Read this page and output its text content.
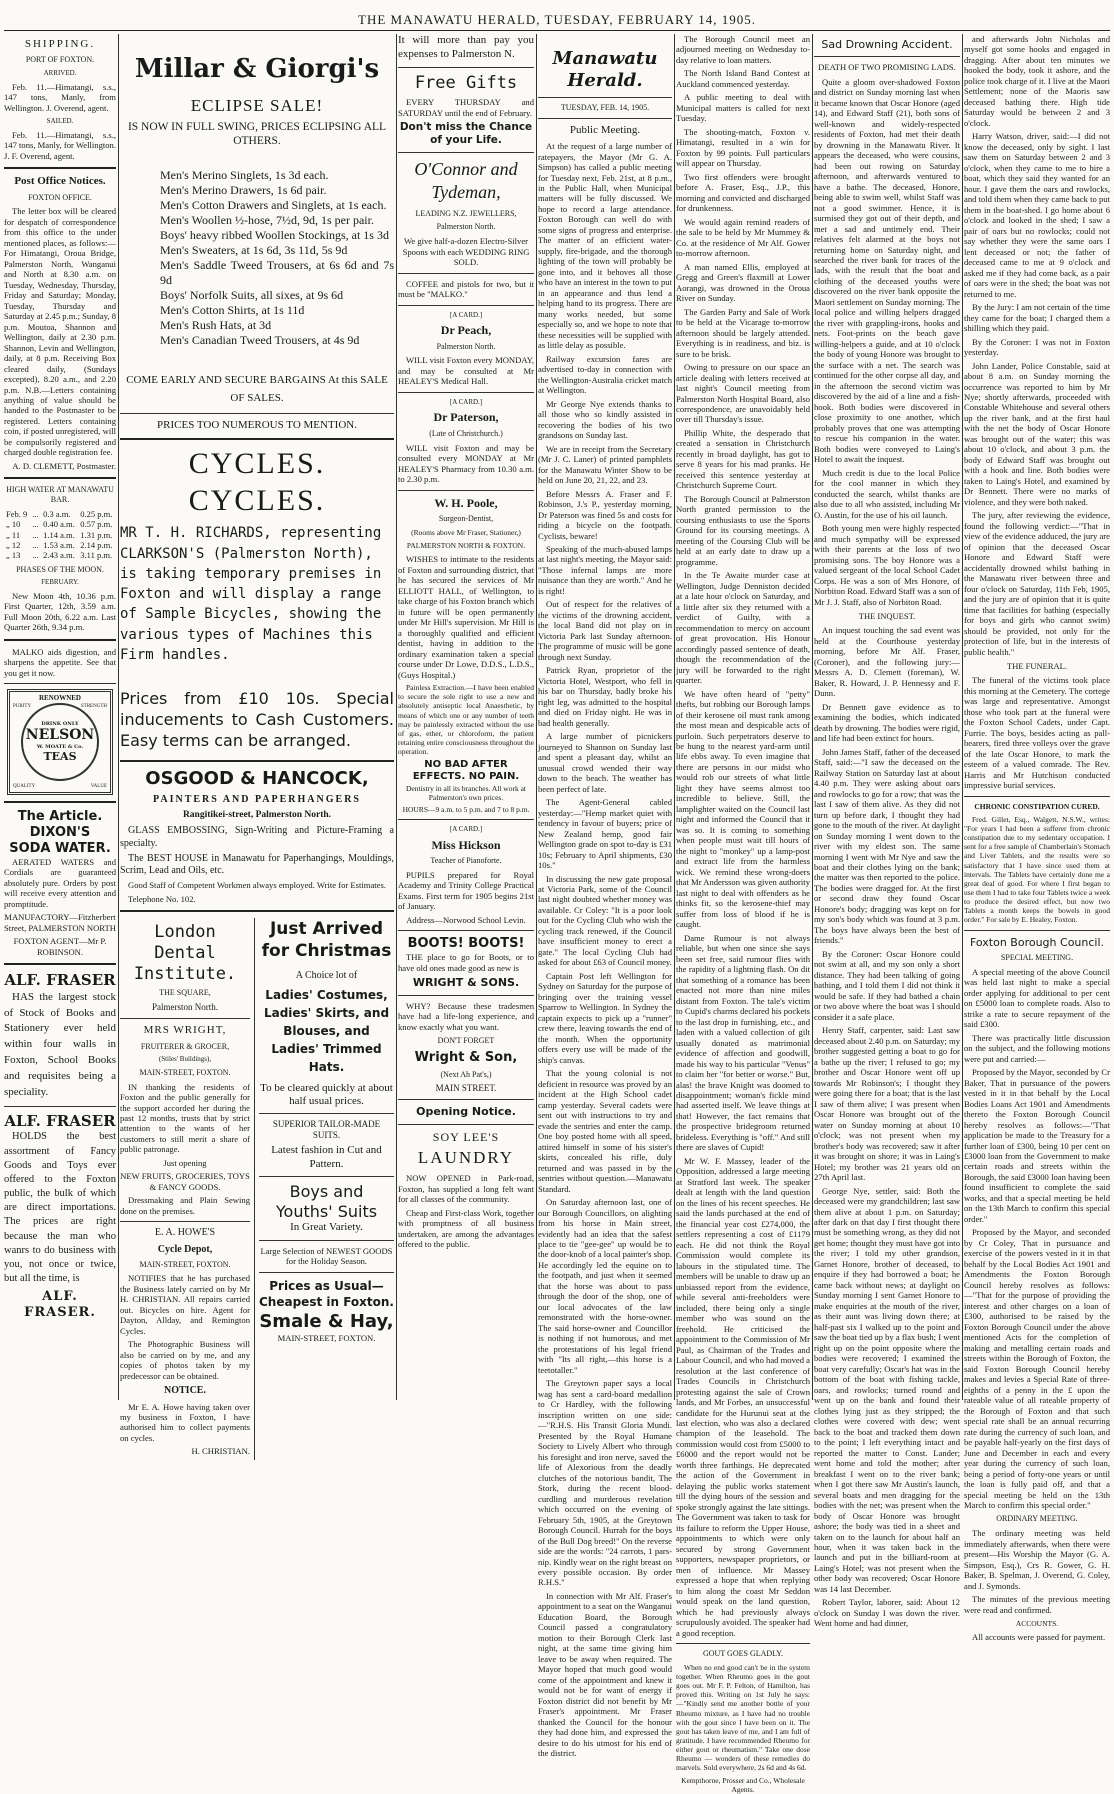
THE MANAWATU HERALD, TUESDAY, FEBRUARY 14, 1905.
SHIPPING.
PORT OF FOXTON.
ARRIVED.

Feb. 11.—Himatangi, s.s., 147 tons, Manly, from Wellington. J. Overend, agent.

SAILED.

Feb. 11.—Himatangi, s.s., 147 tons, Manly, for Wellington. J. F. Overend, agent.

Post Office Notices.
FOXTON OFFICE.

The letter box will be cleared for despatch of correspondence from this office to the under mentioned places, as follows:— For Himatangi, Oroua Bridge, Palmerston North, Wanganui and North at 8.30 a.m. on Tuesday, Wednesday, Thursday, Friday and Saturday; Monday, Tuesday, Thursday and Saturday at 2.45 p.m.; Sunday, 8 p.m. Moutoa, Shannon and Wellington, daily at 2.30 p.m. Shannon, Levin and Wellington, daily, at 8 p.m. Receiving Box cleared daily, (Sundays excepted), 8.20 a.m., and 2.20 p.m. N.B.—Letters containing anything of value should be handed to the Postmaster to be registered. Letters containing coin, if posted unregistered, will be compulsorily registered and charged double registration fee.

A. D. CLEMETT, Postmaster.

HIGH WATER AT MANAWATU BAR.
Feb. 9	...	0.3 a.m.	0.25 p.m.
„ 10	...	0.40 a.m.	0.57 p.m.
„ 11	...	1.14 a.m.	1.31 p.m.
„ 12	...	1.53 a.m.	2.14 p.m.
„ 13	...	2.43 a.m.	3.11 p.m.
PHASES OF THE MOON.
FEBRUARY.

New Moon 4th, 10.36 p.m. First Quarter, 12th, 3.59 a.m. Full Moon 20th, 6.22 a.m. Last Quarter 26th, 9.34 p.m.

MALKO aids digestion, and sharpens the appetite. See that you get it now.

RENOWNED
PURITY	STRENGTH
DRINK ONLY
NELSON
W. MOATE & Co.
TEAS
QUALITY	VALUE
The Article.
DIXON'S
SODA WATER.

AERATED WATERS and Cordials are guaranteed absolutely pure. Orders by post will receive every attention and promptitude.

MANUFACTORY—Fitzherbert Street, PALMERSTON NORTH

FOXTON AGENT—Mr P. ROBINSON.

ALF. FRASER

HAS the largest stock of Stock of Books and Stationery ever held within four walls in Foxton, School Books and requisites being a speciality.

ALF. FRASER

HOLDS the best assortment of Fancy Goods and Toys ever offered to the Foxton public, the bulk of which are direct importations. The prices are right because the man who wanrs to do business with you, not once or twice, but all the time, is

ALF. FRASER.
Millar & Giorgi's
ECLIPSE SALE!
IS NOW IN FULL SWING, PRICES ECLIPSING ALL OTHERS.

Men's Merino Singlets, 1s 3d each.

Men's Merino Drawers, 1s 6d pair.

Men's Cotton Drawers and Singlets, at 1s each.

Men's Woollen ½-hose, 7½d, 9d, 1s per pair.

Boys' heavy ribbed Woollen Stockings, at 1s 3d

Men's Sweaters, at 1s 6d, 3s 11d, 5s 9d

Men's Saddle Tweed Trousers, at 6s 6d and 7s 9d

Boys' Norfolk Suits, all sixes, at 9s 6d

Men's Cotton Shirts, at 1s 11d

Men's Rush Hats, at 3d

Men's Canadian Tweed Trousers, at 4s 9d

COME EARLY AND SECURE BARGAINS At this SALE OF SALES.
PRICES TOO NUMEROUS TO MENTION.
CYCLES. CYCLES.
MR T. H. RICHARDS, representing CLARKSON'S (Palmerston North), is taking temporary premises in Foxton and will display a range of Sample Bicycles, showing the various types of Machines this Firm handles.
Prices from £10 10s. Special inducements to Cash Customers. Easy terms can be arranged.
OSGOOD & HANCOCK,
PAINTERS AND PAPERHANGERS
Rangitikei-street, Palmerston North.

GLASS EMBOSSING, Sign-Writing and Picture-Framing a specialty.

The BEST HOUSE in Manawatu for Paperhangings, Mouldings, Scrim, Lead and Oils, etc.

Good Staff of Competent Workmen always employed. Write for Estimates.

Telephone No. 102.

London Dental Institute.
THE SQUARE,
Palmerston North.
MRS WRIGHT,
FRUITERER & GROCER,
(Stiles' Buildings),
MAIN-STREET, FOXTON.

IN thanking the residents of Foxton and the public generally for the support accorded her during the past 12 months, trusts that by strict attention to the wants of her customers to still merit a share of public patronage.

Just opening

NEW FRUITS, GROCERIES, TOYS & FANCY GOODS.

Dressmaking and Plain Sewing done on the premises.

E. A. HOWE'S
Cycle Depot,
MAIN-STREET, FOXTON.

NOTIFIES that he has purchased the Business lately carried on by Mr H. CHRISTIAN. All repairs carried out. Bicycles on hire. Agent for Dayton, Allday, and Remington Cycles.

The Photographic Business will also be carried on by me, and any copies of photos taken by my predecessor can be obtained.

NOTICE.

Mr E. A. Howe having taken over my business in Foxton, I have authorised him to collect payments on cycles.

H. CHRISTIAN.

Just Arrived for Christmas

A Choice lot of

Ladies' Costumes, Ladies' Skirts, and Blouses, and Ladies' Trimmed Hats.

To be cleared quickly at about half usual prices.

SUPERIOR TAILOR-MADE SUITS.

Latest fashion in Cut and Pattern.

Boys and Youths' Suits

In Great Variety.

Large Selection of NEWEST GOODS for the Holiday Season.

Prices as Usual— Cheapest in Foxton.
Smale & Hay,

MAIN-STREET, FOXTON.

It will more than pay you expenses to Palmerston N.
Free Gifts

EVERY THURSDAY and SATURDAY until the end of February.

Don't miss the Chance of your Life.
O'Connor and Tydeman,
LEADING N.Z. JEWELLERS,
Palmerston North.

We give half-a-dozen Electro-Silver Spoons with each WEDDING RING SOLD.

COFFEE and pistols for two, but it must be "MALKO."

[A CARD.]
Dr Peach,
Palmerston North.

WILL visit Foxton every MONDAY, and may be consulted at Mr HEALEY'S Medical Hall.

[A CARD.]
Dr Paterson,
(Late of Christchurch.)

WILL visit Foxton and may be consulted every MONDAY at Mr HEALEY'S Pharmacy from 10.30 a.m. to 2.30 p.m.

W. H. Poole,
Surgeon-Dentist,
(Rooms above Mr Fraser, Stationer,)
PALMERSTON NORTH & FOXTON.

WISHES to intimate to the residents of Foxton and surrounding district, that he has secured the services of Mr ELLIOTT HALL, of Wellington, to take charge of his Foxton branch which in future will be open permanently under Mr Hill's supervision. Mr Hill is a thoroughly qualified and efficient dentist, having in addition to the ordinary examination taken a special course under Dr Lowe, D.D.S., L.D.S., (Guys Hospital.)

Painless Extraction.—I have been enabled to secure the sole right to use a new and absolutely antiseptic local Anaesthetic, by means of which one or any number of teeth may be painlessly extracted without the use of gas, ether, or chloroform, the patient retaining entire consciousness throughout the operation.

NO BAD AFTER EFFECTS. NO PAIN.

Dentistry in all its branches. All work at Palmerston's own prices.

HOURS—9 a.m. to 5 p.m. and 7 to 8 p.m.

[A CARD.]
Miss Hickson
Teacher of Pianoforte.

PUPILS prepared for Royal Academy and Trinity College Practical Exams. First term for 1905 begins 21st of January.

Address—Norwood School Levin.

BOOTS! BOOTS!

THE place to go for Boots, or to have old ones made good as new is

WRIGHT & SONS.

WHY? Because these tradesmen have had a life-long experience, and know exactly what you want.

DON'T FORGET
Wright & Son,
(Next Ah Pat's,)
MAIN STREET.
Opening Notice.
SOY LEE'S
LAUNDRY

NOW OPENED in Park-road, Foxton, has supplied a long felt want for all classes of the community.

Cheap and First-class Work, together with promptness of all business undertaken, are among the advantages offered to the public.

Manawatu Herald.
TUESDAY, FEB. 14, 1905.
Public Meeting.

At the request of a large number of ratepayers, the Mayor (Mr G. A. Simpson) has called a public meeting for Tuesday next, Feb. 21st, at 8 p.m., in the Public Hall, when Municipal matters will be fully discussed. We hope to record a large attendance. Foxton Borough can well do with some signs of progress and enterprise. The matter of an efficient water-supply, fire-brigade, and the thorough lighting of the town will probably be gone into, and it behoves all those who have an interest in the town to put in an appearance and thus lend a helping hand to its progress. There are many works needed, but some especially so, and we hope to note that these necessities will be supplied with as little delay as possible.

Railway excursion fares are advertised to-day in connection with the Wellington-Australia cricket match at Wellington.

Mr George Nye extends thanks to all those who so kindly assisted in recovering the bodies of his two grandsons on Sunday last.

We are in receipt from the Secretary (Mr J. C. Laner) of printed pamphlets for the Manawatu Winter Show to be held on June 20, 21, 22, and 23.

Before Messrs A. Fraser and F. Robinson, J.'s P., yesterday morning, Dr Paterson was fined 5s and costs for riding a bicycle on the footpath. Cyclists, beware!

Speaking of the much-abused lamps at last night's meeting, the Mayor said: "Those infernal lamps are more nuisance than they are worth." And he is right!

Out of respect for the relatives of the victims of the drowning accident, the local Band did not play on in Victoria Park last Sunday afternoon. The programme of music will be gone through next Sunday.

Patrick Ryan, proprietor of the Victoria Hotel, Westport, who fell in his bar on Thursday, badly broke his right leg, was admitted to the hospital and died on Friday night. He was in bad health generally.

A large number of picnickers journeyed to Shannon on Sunday last and spent a pleasant day, whilst an unusual crowd wended their way down to the beach. The weather has been perfect of late.

The Agent-General cabled yesterday:—"Hemp market quiet with tendency in favour of buyers; price of New Zealand hemp, good fair Wellington grade on spot to-day is £31 10s; February to April shipments, £30 10s."

In discussing the new gate proposal at Victoria Park, some of the Council last night doubted whether money was available. Cr Coley: "It is a poor look out for the Cycling Club who wish the cycling track renewed, if the Council have insufficient money to erect a gate." The local Cycling Club had asked for about £63 of Council money.

Captain Post left Wellington for Sydney on Saturday for the purpose of bringing over the training vessel Sparrow to Wellington. In Sydney the captain expects to pick up a "runner" crew there, leaving towards the end of the month. When the opportunity offers every use will be made of the ship's canvas.

That the young colonial is not deficient in resource was proved by an incident at the High School cadet camp yesterday. Several cadets were sent out with instructions to try and evade the sentries and enter the camp. One boy posted home with all speed, attired himself in some of his sister's skirts, concealed his rifle, duly returned and was passed in by the sentries without question.—Manawatu Standard.

On Saturday afternoon last, one of our Borough Councillors, on alighting from his horse in Main street, evidently had an idea that the safest place to tie "gee-gee" up would be to the door-knob of a local painter's shop. He accordingly led the equine on to the footpath, and just when it seemed that the horse was about to pass through the door of the shop, one of our local advocates of the law remonstrated with the horse-owner. The said horse-owner and Councillor is nothing if not humorous, and met the protestations of his legal friend with "Its all right,—this horse is a teetotaller."

The Greytown paper says a local wag has sent a card-board medallion to Cr Hardley, with the following inscription written on one side:—"R.H.S. His Transit Gloria Mundi. Presented by the Royal Humane Society to Lively Albert who through his foresight and iron nerve, saved the life of Alexorious from the deadly clutches of the notorious bandit, The Stork, during the recent blood-curdling and murderous revelation which occurred on the evening of February 5th, 1905, at the Greytown Borough Council. Hurrah for the boys of the Bull Dog breed!" On the reverse side are the words: "24 carrots, 1 pars-nip. Kindly wear on the right breast on every possible occasion. By order R.H.S."

In connection with Mr Alf. Fraser's appointment to a seat on the Wanganui Education Board, the Borough Council passed a congratulatory motion to their Borough Clerk last night, at the same time giving him leave to be away when required. The Mayor hoped that much good would come of the appointment and knew it would not be for want of energy if Foxton district did not benefit by Mr Fraser's appointment. Mr Fraser thanked the Council for the honour they had done him, and expressed the desire to do his utmost for his end of the district.

The Borough Council meet an adjourned meeting on Wednesday to-day relative to loan matters.

The North Island Band Contest at Auckland commenced yesterday.

A public meeting to deal with Municipal matters is called for next Tuesday.

The shooting-match, Foxton v. Himatangi, resulted in a win for Foxton by 99 points. Full particulars will appear on Thursday.

Two first offenders were brought before A. Fraser, Esq., J.P., this morning and convicted and discharged for drunkenness.

We would again remind readers of the sale to be held by Mr Mummey & Co. at the residence of Mr Alf. Gower to-morrow afternoon.

A man named Ellis, employed at Gregg and Green's flaxmill at Lower Aorangi, was drowned in the Oroua River on Sunday.

The Garden Party and Sale of Work to be held at the Vicarage to-morrow afternoon should be largely attended. Everything is in readiness, and biz. is sure to be brisk.

Owing to pressure on our space an article dealing with letters received at last night's Council meeting from Palmerston North Hospital Board, also correspondence, are unavoidably held over till Thursday's issue.

Phillip White, the desperado that created a sensation in Christchurch recently in broad daylight, has got to serve 8 years for his mad pranks. He received this sentence yesterday at Christchurch Supreme Court.

The Borough Council at Palmerston North granted permission to the coursing enthusiasts to use the Sports Ground for its coursing meetings. A meeting of the Coursing Club will be held at an early date to draw up a programme.

In the Te Awaite murder case at Wellington, Judge Denniston decided at a late hour o'clock on Saturday, and a little after six they returned with a verdict of Guilty, with a recommendation to mercy on account of great provocation. His Honour accordingly passed sentence of death, though the recommendation of the jury will be forwarded to the right quarter.

We have often heard of "petty" thefts, but robbing our Borough lamps of their kerosene oil must rank among the most mean and despicable acts of purloin. Such perpetrators deserve to be hung to the nearest yard-arm until life ebbs away. To even imagine that there are persons in our midst who would rob our streets of what little light they have seems almost too incredible to believe. Still, the lamplighter waited on the Council last night and informed the Council that it was so. It is coming to something when people must wait till hours of the night to "monkey" up a lamp-post and extract life from the harmless wick. We remind these wrong-doers that Mr Andersson was given authority last night to deal with offenders as he thinks fit, so the kerosene-thief may suffer from loss of blood if he is caught.

Dame Rumour is not always reliable, but when one since she says been set free, said rumour flies with the rapidity of a lightning flash. On dit that something of a romance has been enacted not more than nine miles distant from Foxton. The tale's victim to Cupid's charms declared his pockets to the last drop in furnishing, etc., and laden with a valued collection of gilt usually donated as matrimonial evidence of affection and goodwill, made his way to his particular "Venus" to claim her "for better or worse." But, alas! the brave Knight was doomed to disappointment; woman's fickle mind had asserted itself. We leave things at that! However, the fact remains that the prospective bridegroom returned brideless. Everything is "off." And still there are slaves of Cupid!

Mr W. F. Massey, leader of the Opposition, addressed a large meeting at Stratford last week. The speaker dealt at length with the land question on the lines of his recent speeches. He said the lands purchased at the end of the financial year cost £274,000, the settlers representing a cost of £1179 each. He did not think the Royal Commission would complete its labours in the stipulated time. The members will be unable to draw up an unbiassed report from the evidence, while several anti-freeholders were included, there being only a single member who was sound on the freehold. He criticised the appointment to the Commission of Mr Paul, as Chairman of the Trades and Labour Council, and who had moved a resolution at the last conference of Trades Councils in Christchurch protesting against the sale of Crown lands, and Mr Forbes, an unsuccessful candidate for the Hurunui seat at the last election, who was also a declared champion of the leasehold. The commission would cost from £5000 to £6000 and the report would not be worth three farthings. He deprecated the action of the Government in delaying the public works statement till the dying hours of the session and spoke strongly against the late sittings. The Government was taken to task for its failure to reform the Upper House, appointments to which were only secured by strong Government supporters, newspaper proprietors, or men of influence. Mr Massey expressed a hope that when replying to him along the coast Mr Seddon would speak on the land question, which he had previously always scrupulously avoided. The speaker had a good reception.

GOUT GOES GLADLY.

When no end good can't be in the system together. When Rheumo goes in the gout goes out. Mr F. P. Felton, of Hamilton, has proved this. Writing on 1st July he says:—"Kindly send me another bottle of your Rheumo mixture, as I have had no trouble with the gout since I have been on it. The gout has taken leave of me, and I am full of gratitude. I have recommended Rheumo for either gout or rheumatism." Take one dose Rheumo — wonders of these remedies do marvels. Sold everywhere, 2s 6d and 4s 6d.

Kempthorne, Prosser and Co., Wholesale Agents.

Sad Drowning Accident.
DEATH OF TWO PROMISING LADS.

Quite a gloom over-shadowed Foxton and district on Sunday morning last when it became known that Oscar Honore (aged 14), and Edward Staff (21), both sons of well-known and widely-respected residents of Foxton, had met their death by drowning in the Manawatu River. It appears the deceased, who were cousins, had been out rowing on Saturday afternoon, and afterwards ventured to have a bathe. The deceased, Honore, being able to swim well, whilst Staff was not a good swimmer. Hence, it is surmised they got out of their depth, and met a sad and untimely end. Their relatives felt alarmed at the boys not returning home on Saturday night, and searched the river bank for traces of the lads, with the result that the boat and clothing of the deceased youths were discovered on the river bank opposite the Maori settlement on Sunday morning. The local police and willing helpers dragged the river with grappling-irons, hooks and nets. Foot-prints on the beach gave willing-helpers a guide, and at 10 o'clock the body of young Honore was brought to the surface with a net. The search was continued for the other corpse all day, and in the afternoon the second victim was discovered by the aid of a line and a fish-hook. Both bodies were discovered in close proximity to one another, which probably proves that one was attempting to rescue his companion in the water. Both bodies were conveyed to Laing's Hotel to await the inquest.

Much credit is due to the local Police for the cool manner in which they conducted the search, whilst thanks are also due to all who assisted, including Mr O. Austin, for the use of his oil launch.

Both young men were highly respected and much sympathy will be expressed with their parents at the loss of two promising sons. The boy Honore was a valued sergeant of the local School Cadet Corps. He was a son of Mrs Honore, of Norbiton Road. Edward Staff was a son of Mr J. J. Staff, also of Norbiton Road.

THE INQUEST.

An inquest touching the sad event was held at the Courthouse yesterday morning, before Mr Alf. Fraser, (Coroner), and the following jury:—Messrs A. D. Clemett (foreman), W. Baker, R. Howard, J. P. Hennessy and F. Dunn.

Dr Bennett gave evidence as to examining the bodies, which indicated death by drowning. The bodies were rigid, and life had been extinct for hours.

John James Staff, father of the deceased Staff, said:—"I saw the deceased on the Railway Station on Saturday last at about 4.40 p.m. They were asking about oars and rowlocks to go for a row; that was the last I saw of them alive. As they did not turn up before dark, I thought they had gone to the mouth of the river. At daylight on Sunday morning I went down to the river with my eldest son. The same morning I went with Mr Nye and saw the boat and their clothes lying on the bank; the matter was then reported to the police. The bodies were dragged for. At the first or second draw they found Oscar Honore's body; dragging was kept on for my son's body which was found at 3 p.m. The boys have always been the best of friends."

By the Coroner: Oscar Honore could not swim at all, and my son only a short distance. They had been talking of going bathing, and I told them I did not think it would be safe. If they had bathed a chain or two above where the boat was I should consider it a safe place.

Henry Staff, carpenter, said: Last saw deceased about 2.40 p.m. on Saturday; my brother suggested getting a boat to go for a bathe up the river; I refused to go; my brother and Oscar Honore went off up towards Mr Robinson's; I thought they were going there for a boat; that is the last I saw of them alive; I was present when Oscar Honore was brought out of the water on Sunday morning at about 10 o'clock; was not present when my brother's body was recovered; saw it after it was brought on shore; it was in Laing's Hotel; my brother was 21 years old on 27th April last.

George Nye, settler, said: Both the deceased were my grandchildren; last saw them alive at about 1 p.m. on Saturday; after dark on that day I first thought there must be something wrong, as they did not get home; thought they must have got into the river; I told my other grandson, Garnet Honore, brother of deceased, to enquire if they had borrowed a boat; he came back without news; at daylight on Sunday morning I sent Garnet Honore to make enquiries at the mouth of the river, as their aunt was living down there; at half-past six I walked up to the point and saw the boat tied up by a flax bush; I went right up on the point opposite where the bodies were recovered; I examined the boat very carefully; Oscar's hat was in the bottom of the boat with fishing tackle, oars, and rowlocks; turned round and went up on the bank and found their clothes lying just as they stripped; the clothes were covered with dew; went back to the boat and tracked them down to the point; I left everything intact and reported the matter to Const. Lander; went home and told the mother; after breakfast I went on to the river bank; when I got there saw Mr Austin's launch, several boats and men dragging for the bodies with the net; was present when the body of Oscar Honore was brought ashore; the body was tied in a sheet and taken on to the launch for about half an hour, when it was taken back in the launch and put in the billiard-room at Laing's Hotel; was not present when the other body was recovered; Oscar Honore was 14 last December.

Robert Taylor, laborer, said: About 12 o'clock on Sunday I was down the river. Went home and had dinner,

and afterwards John Nicholas and myself got some hooks and engaged in dragging. After about ten minutes we hooked the body, took it ashore, and the police took charge of it. I live at the Maori Settlement; none of the Maoris saw deceased bathing there. High tide Saturday would be between 2 and 3 o'clock.

Harry Watson, driver, said:—I did not know the deceased, only by sight. I last saw them on Saturday between 2 and 3 o'clock, when they came to me to hire a boat, which they said they wanted for an hour. I gave them the oars and rowlocks, and told them when they came back to put them in the boat-shed. I go home about 6 o'clock and looked in the shed; I saw a pair of oars but no rowlocks; could not say whether they were the same oars I lent deceased or not; the father of deceased came to me at 9 o'clock and asked me if they had come back, as a pair of oars were in the shed; the boat was not returned to me.

By the Jury: I am not certain of the time they came for the boat; I charged them a shilling which they paid.

By the Coroner: I was not in Foxton yesterday.

John Lander, Police Constable, said at about 8 a.m. on Sunday morning the occurrence was reported to him by Mr Nye; shortly afterwards, proceeded with Constable Whitehouse and several others up the river bank, and at the first haul with the net the body of Oscar Honore was brought out of the water; this was about 10 o'clock, and about 3 p.m. the body of Edward Staff was brought out with a hook and line. Both bodies were taken to Laing's Hotel, and examined by Dr Bennett. There were no marks of violence, and they were both naked.

The jury, after reviewing the evidence, found the following verdict:—"That in view of the evidence adduced, the jury are of opinion that the deceased Oscar Honore and Edward Staff were accidentally drowned whilst bathing in the Manawatu river between three and four o'clock on Saturday, 11th Feb, 1905, and the jury are of opinion that it is quite time that facilities for bathing (especially for boys and girls who cannot swim) should be provided, not only for the protection of life, but in the interests of public health."

THE FUNERAL.

The funeral of the victims took place this morning at the Cemetery. The cortege was large and representative. Amongst those who took part at the funeral were the Foxton School Cadets, under Capt. Furrie. The boys, besides acting as pall-bearers, fired three volleys over the grave of the late Oscar Honore, to mark the esteem of a valued comrade. The Rev. Harris and Mr Hutchison conducted impressive burial services.

CHRONIC CONSTIPATION CURED.

Fred. Gillet, Esq., Walgett, N.S.W., writes: "For years I had been a sufferer from chronic constipation due to my sedentary occupation. I sent for a free sample of Chamberlain's Stomach and Liver Tablets, and the results were so satisfactory that I have since used them at intervals. The Tablets have certainly done me a great deal of good. For where I first began to use them I had to take four Tablets twice a week to produce the desired effect, but now two Tablets a month keeps the bowels in good order." For sale by E. Healey, Foxton.

Foxton Borough Council.
SPECIAL MEETING.

A special meeting of the above Council was held last night to make a special order applying for additional to per cent on £5000 loan to complete roads. Also to strike a rate to secure repayment of the said £300.

There was practically little discussion on the subject, and the following motions were put and carried:—

Proposed by the Mayor, seconded by Cr Baker, That in pursuance of the powers vested in it in that behalf by the Local Bodies Loans Act 1901 and Amendments thereto the Foxton Borough Council hereby resolves as follows:—"That application be made to the Treasury for a further loan of £300, being 10 per cent on £3000 loan from the Government to make certain roads and streets within the Borough, the said £3000 loan having been found insufficient to complete the said works, and that a special meeting be held on the 13th March to confirm this special order."

Proposed by the Mayor, and seconded by Cr Coley, That in pursuance and exercise of the powers vested in it in that behalf by the Local Bodies Act 1901 and Amendments the Foxton Borough Council hereby resolves as follows:—"That for the purpose of providing the interest and other charges on a loan of £300, authorised to be raised by the Foxton Borough Council under the above mentioned Acts for the completion of making and metalling certain roads and streets within the Borough of Foxton, the said Foxton Borough Council hereby makes and levies a Special Rate of three-eighths of a penny in the £ upon the rateable value of all rateable property of the Borough of Foxton and that such special rate shall be an annual recurring rate during the currency of such loan, and be payable half-yearly on the first days of June and December in each and every year during the currency of such loan, being a period of forty-one years or until the loan is fully paid off, and that a special meeting be held on the 13th March to confirm this special order."

ORDINARY MEETING.

The ordinary meeting was held immediately afterwards, when there were present—His Worship the Mayor (G. A. Simpson, Esq.), Crs R. Gower, G. H. Baker, B. Spelman, J. Overend, G. Coley, and J. Symonds.

The minutes of the previous meeting were read and confirmed.

ACCOUNTS.

All accounts were passed for payment.
